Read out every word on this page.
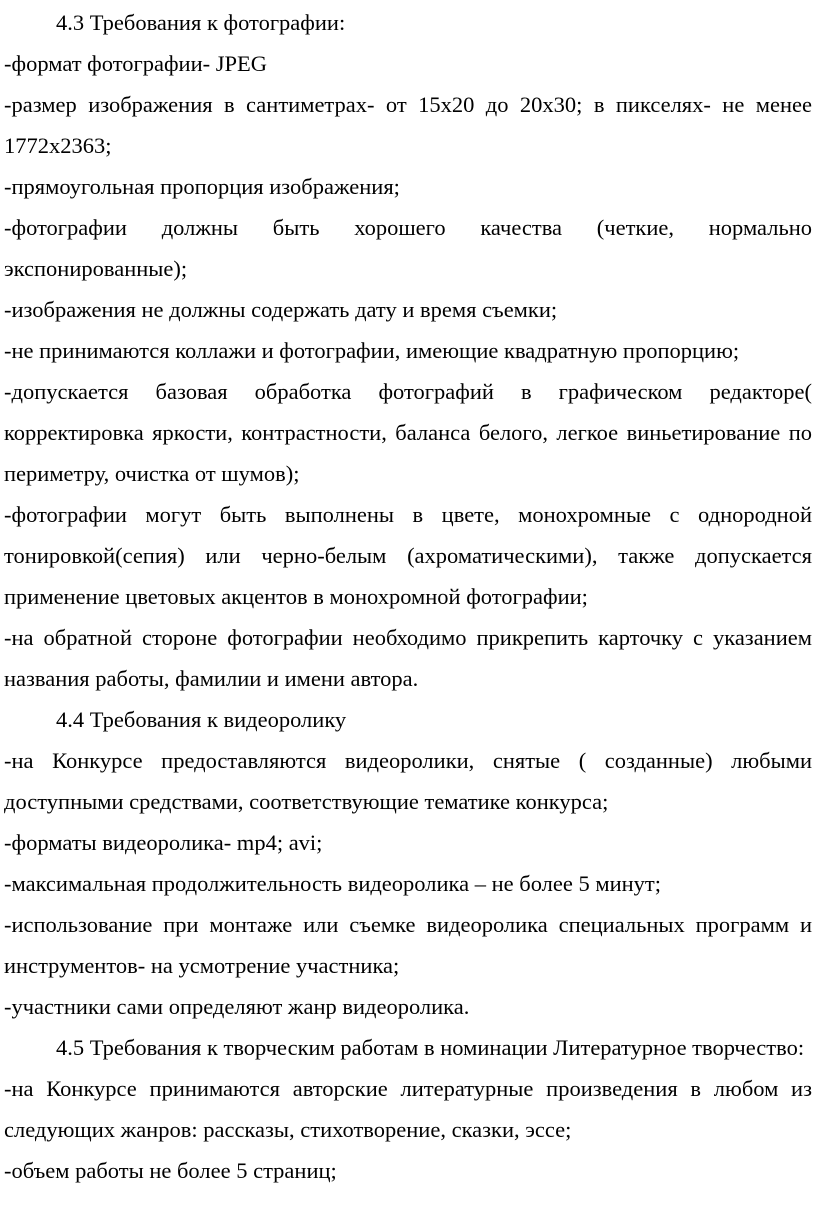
4.3 Требования к фотографии:

-формат фотографии- JPEG

-размер изображения в сантиметрах- от 15х20 до 20х30; в пикселях- не менее 1772х2363;

-прямоугольная пропорция изображения;

-фотографии должны быть хорошего качества (четкие, нормально экспонированные);

-изображения не должны содержать дату и время съемки;

-не принимаются коллажи и фотографии, имеющие квадратную пропорцию;

-допускается базовая обработка фотографий в графическом редакторе( корректировка яркости, контрастности, баланса белого, легкое виньетирование по периметру, очистка от шумов);

-фотографии могут быть выполнены в цвете, монохромные с однородной тонировкой(сепия) или черно-белым (ахроматическими), также допускается применение цветовых акцентов в монохромной фотографии;

-на обратной стороне фотографии необходимо прикрепить карточку с указанием названия работы, фамилии и имени автора.

4.4 Требования к видеоролику

-на Конкурсе предоставляются видеоролики, снятые ( созданные) любыми доступными средствами, соответствующие тематике конкурса;

-форматы видеоролика- mp4; avi;

-максимальная продолжительность видеоролика – не более 5 минут;

-использование при монтаже или съемке видеоролика специальных программ и инструментов- на усмотрение участника;

-участники сами определяют жанр видеоролика.

4.5 Требования к творческим работам в номинации Литературное творчество:

-на Конкурсе принимаются авторские литературные произведения в любом из следующих жанров: рассказы, стихотворение, сказки, эссе;

-объем работы не более 5 страниц;
